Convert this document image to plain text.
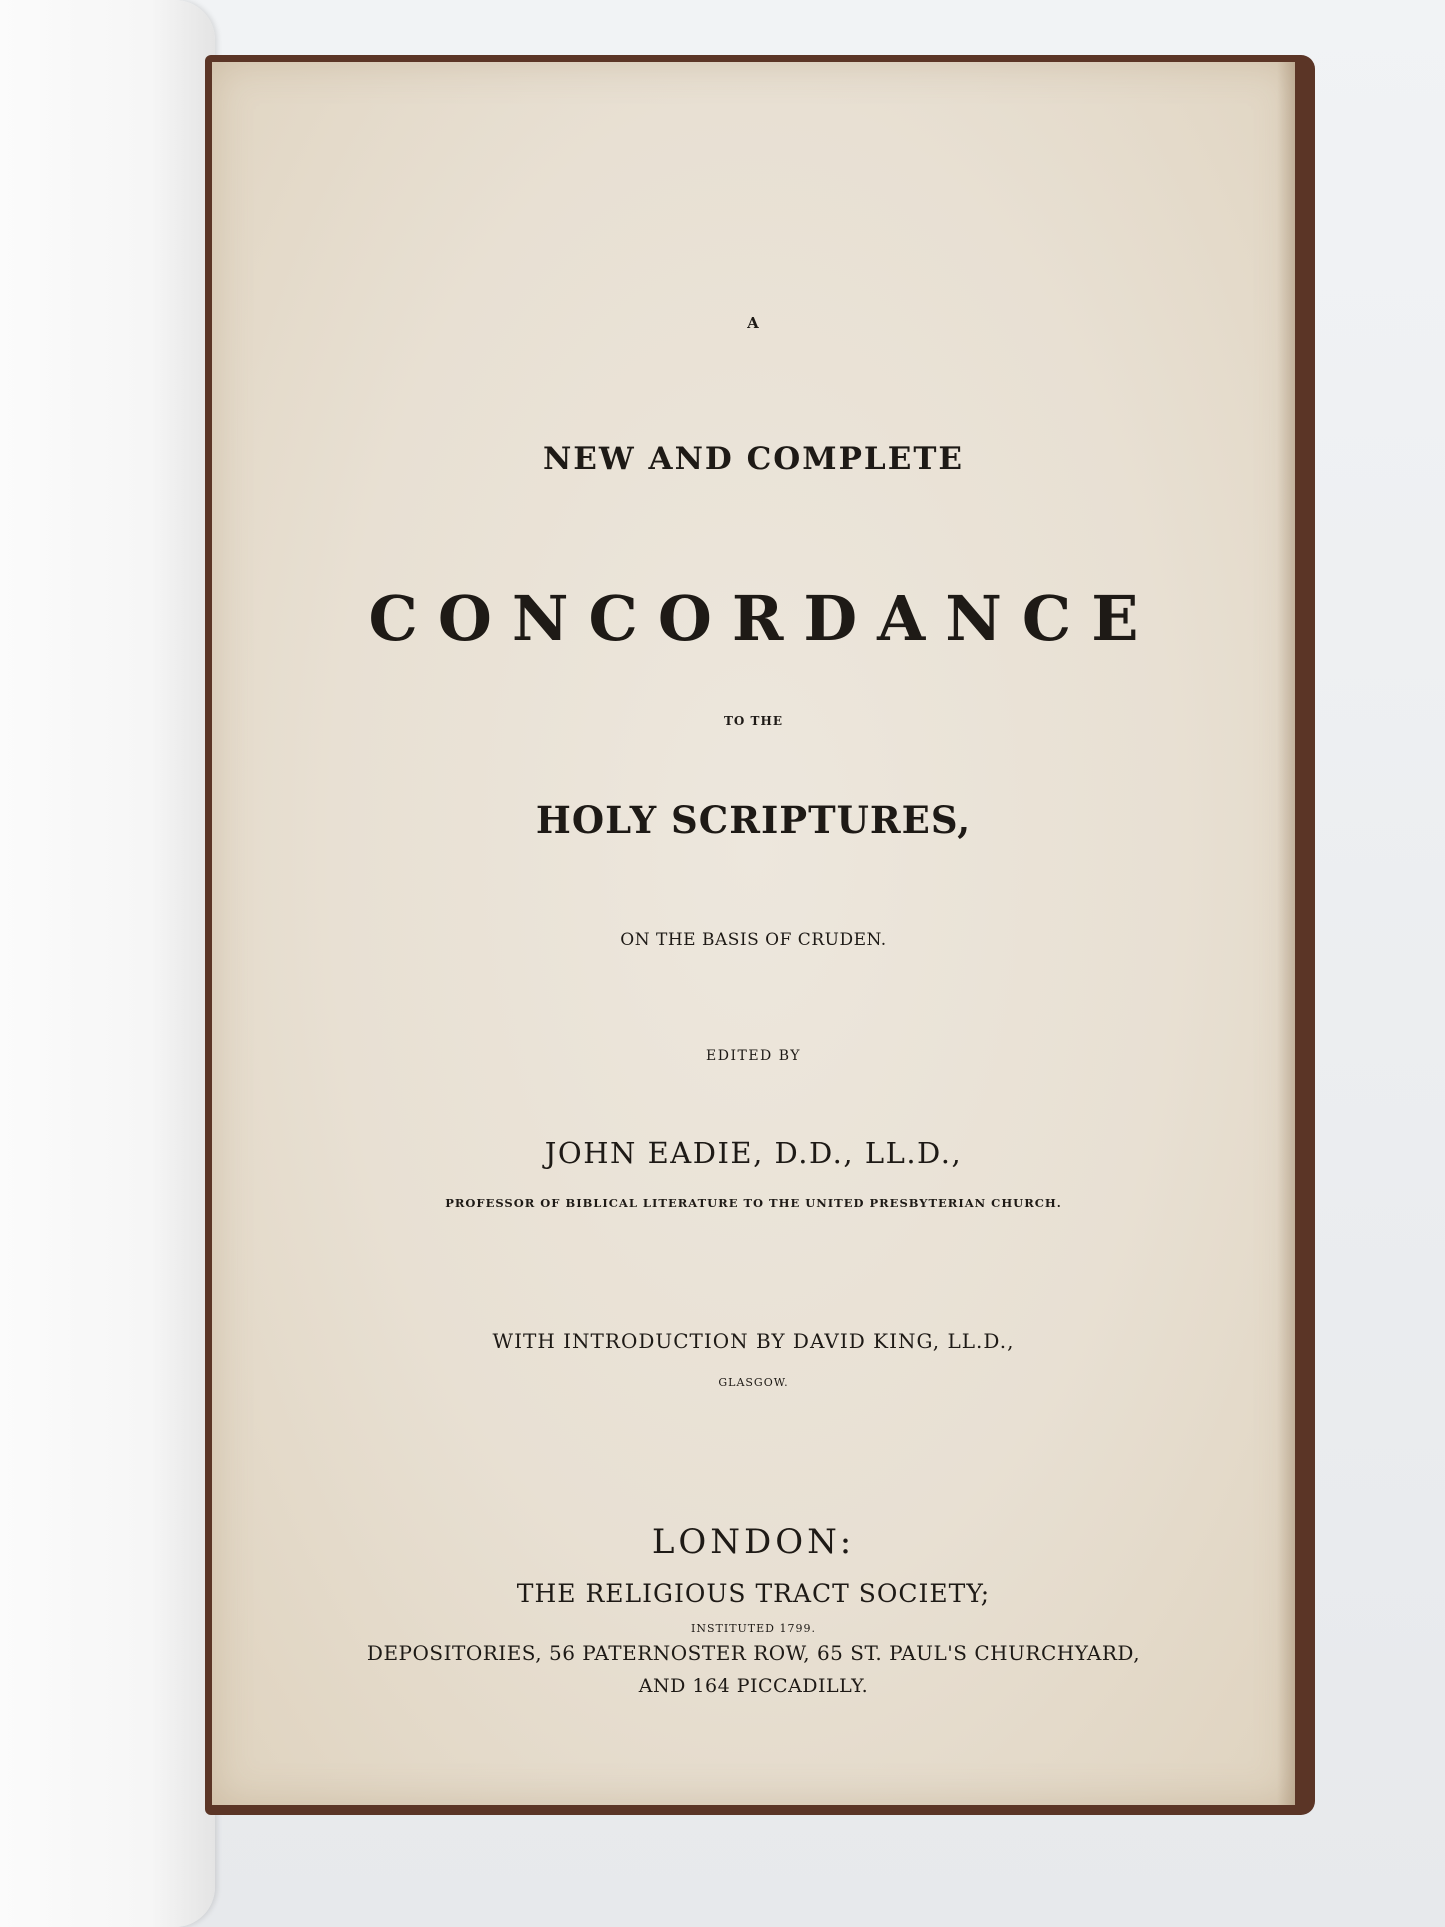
A
NEW AND COMPLETE
CONCORDANCE
TO THE
HOLY SCRIPTURES,
ON THE BASIS OF CRUDEN.
EDITED BY
JOHN EADIE, D.D., LL.D.,
PROFESSOR OF BIBLICAL LITERATURE TO THE UNITED PRESBYTERIAN CHURCH.
WITH INTRODUCTION BY DAVID KING, LL.D.,
GLASGOW.
LONDON:
THE RELIGIOUS TRACT SOCIETY;
INSTITUTED 1799.
DEPOSITORIES, 56 PATERNOSTER ROW, 65 ST. PAUL'S CHURCHYARD,
AND 164 PICCADILLY.
